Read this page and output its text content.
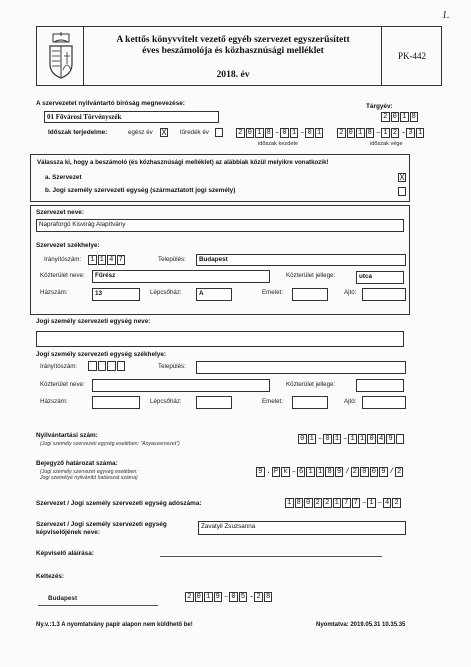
1.
A kettős könyvvitelt vezető egyéb szervezet egyszerűsített
éves beszámolója és közhasznúsági melléklet
2018. év
PK-442
A szervezetet nyilvántartó bíróság megnevezése:	Tárgyév:
01 Fővárosi Törvényszék	2 0 1 8
Időszak terjedelme:	egész év X töredék év	2 0 1 8 – 0 1 – 0 1	2 0 1 8 – 1 2 – 3 1
időszak kezdete	időszak vége
Válassza ki, hogy a beszámoló (és közhasznúsági melléklet) az alábbiak közül melyikre vonatkozik!
a. Szervezet
b. Jogi személy szervezeti egység (származtatott jogi személy)
X
Szervezet neve:
Napraforgó Kisvirág Alapítvány
Szervezet székhelye:
Irányítószám:	1 1 4 7	Település:	Budapest
Közterület neve:	Fűrész	Közterület jellege:	utca
Házszám:	13	Lépcsőház:	A	Emelet:	Ajtó:
Jogi személy szervezeti egység neve:
Jogi személy szervezeti egység székhelye:
Irányítószám:	Település:
Közterület neve:	Közterület jellege:
Házszám:	Lépcsőház:	Emelet:	Ajtó:
Nyilvántartási szám:
(Jogi személy szervezeti egység esetében: "Anyaszervezet")
0 1 – 0 1 – 1 1 0 4 9
Bejegyző határozat száma:
(Jogi személy szervezet egység esetében:
Jogi személyé nyilvánító határozat száma)
9 . P k – 6 1 1 8 9 / 2 0 0 9 / 2
Szervezet / Jogi személy szervezeti egység adószáma:	1 8 0 2 2 1 7 7 – 1 – 4 2
Szervezet / Jogi személy szervezeti egység
képviselőjének neve:
Zavatyil Zsuzsanna
Képviselő aláírása:
Keltezés:
Budapest	2 0 1 9 – 0 5 – 2 8
Ny.v.:1.3 A nyomtatvány papír alapon nem küldhető be!	Nyomtatva: 2019.05.31 10.35.35
